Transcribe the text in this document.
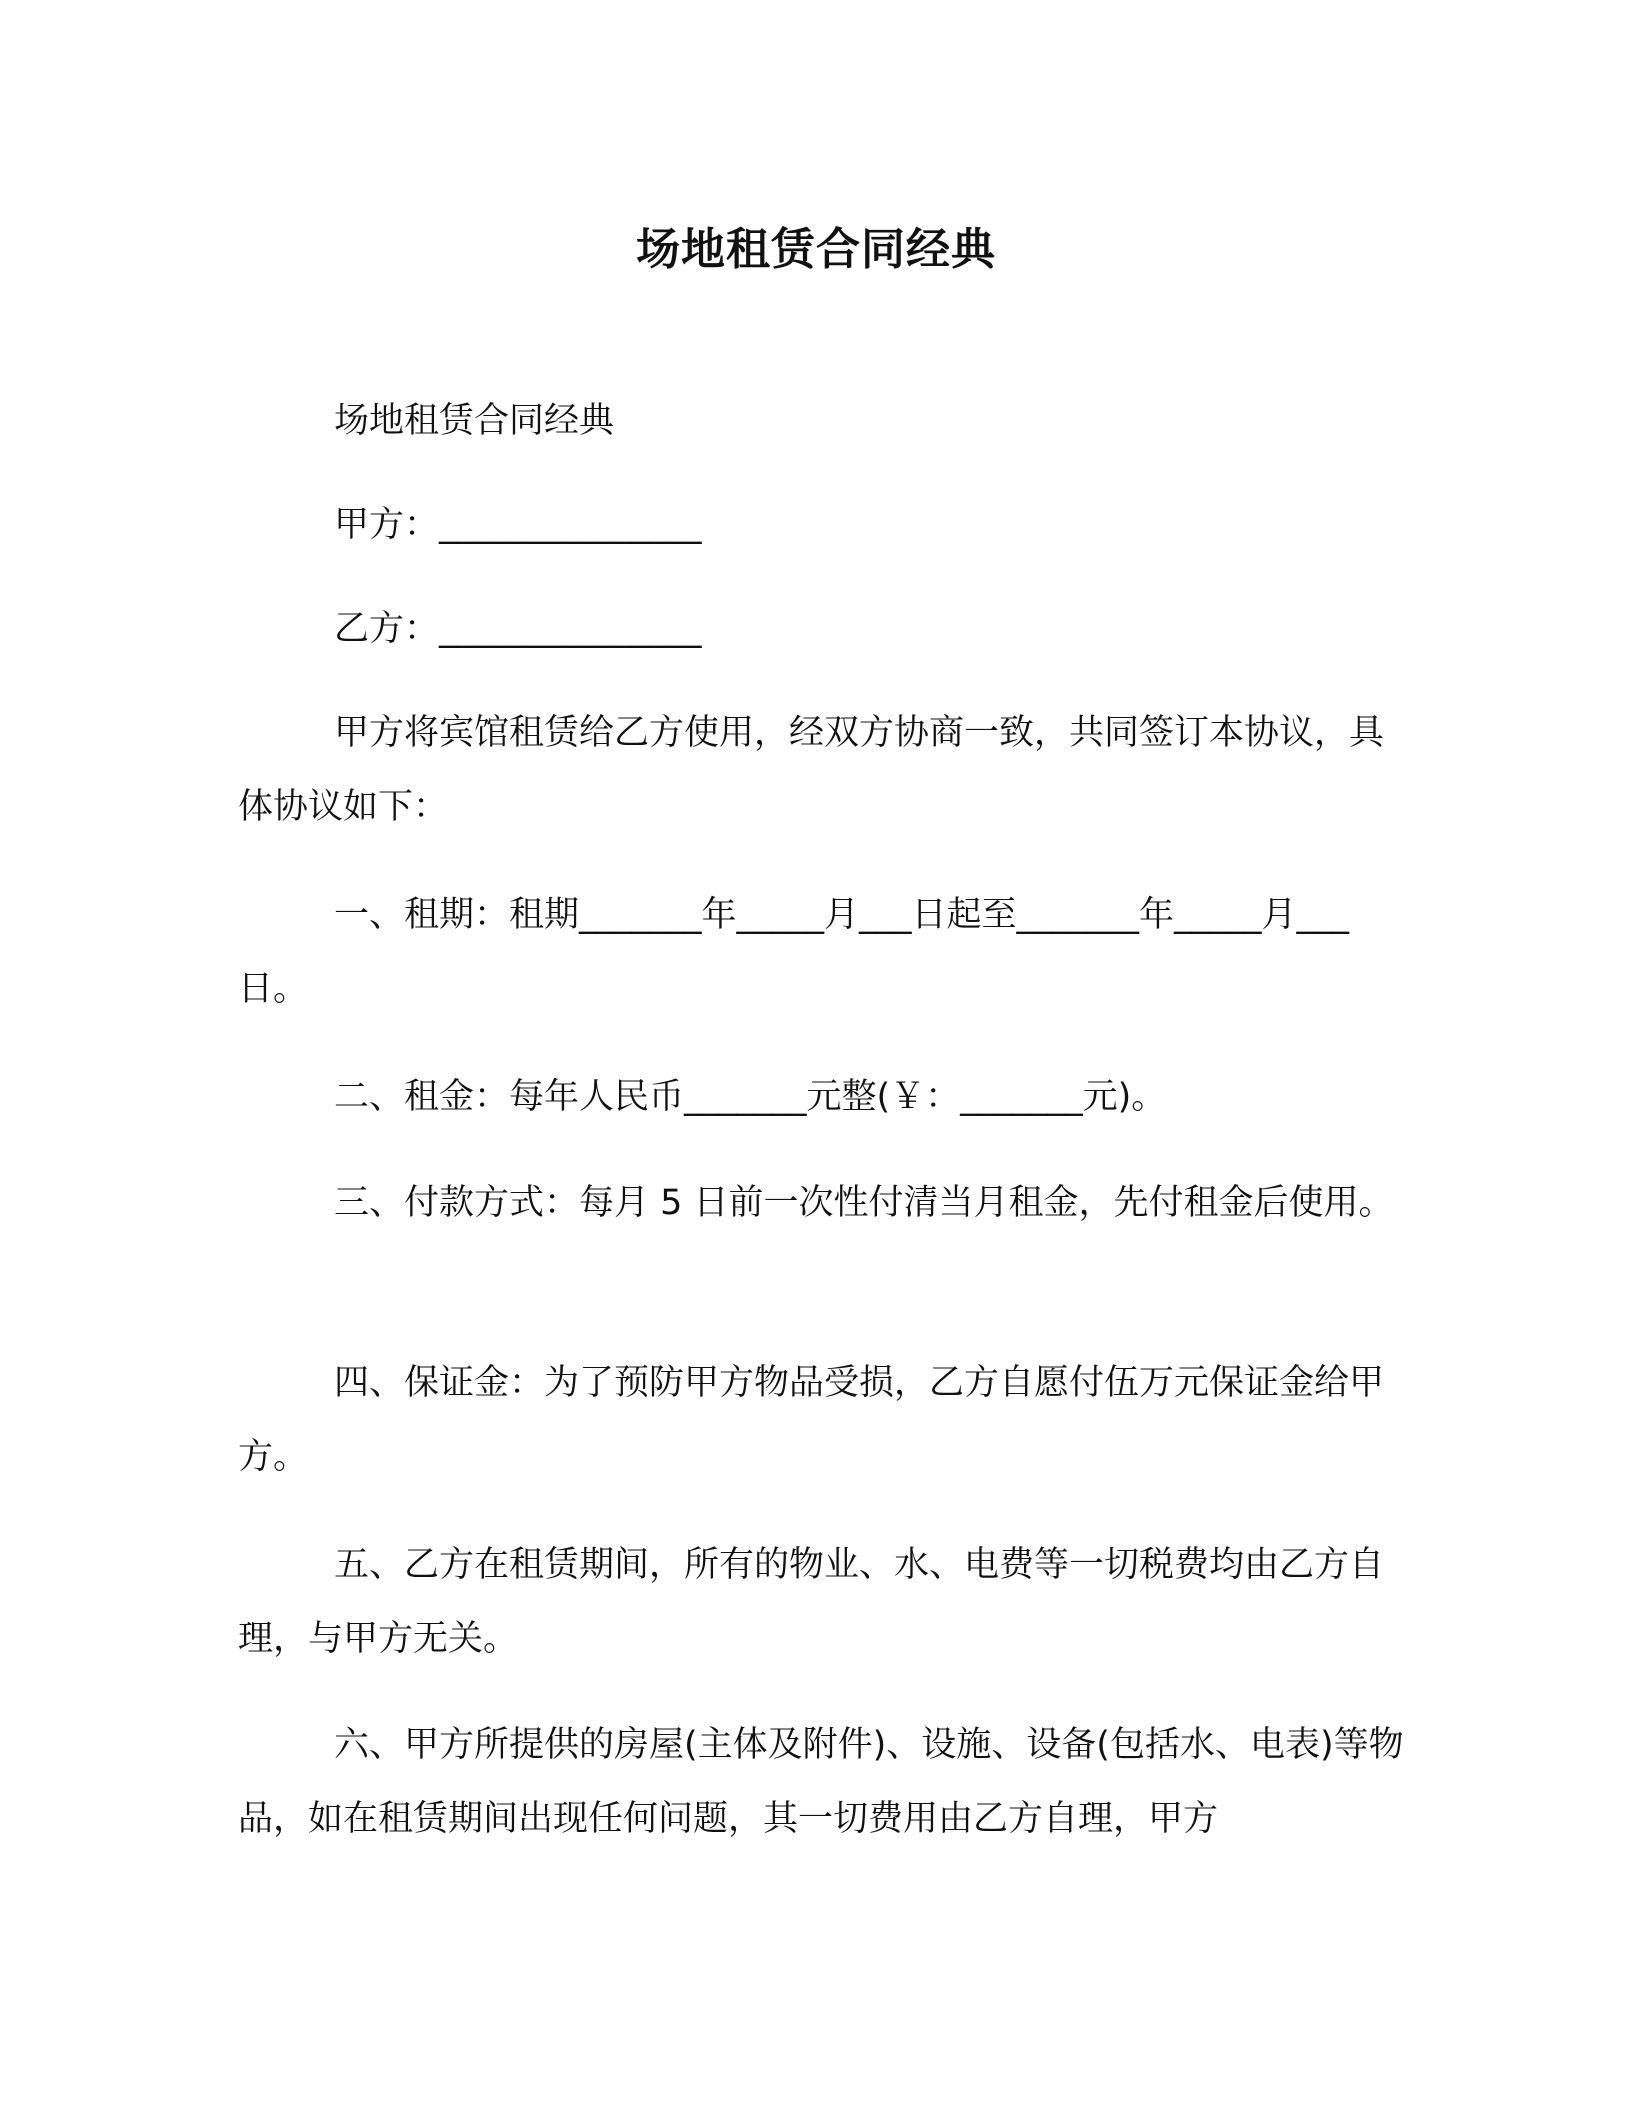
场地租赁合同经典
场地租赁合同经典
甲方：_______________
乙方：_______________
甲方将宾馆租赁给乙方使用，经双方协商一致，共同签订本协议，具体协议如下：
一、租期：租期_______年_____月___日起至_______年_____月___日。
二、租金：每年人民币_______元整(￥：_______元)。
三、付款方式：每月 5 日前一次性付清当月租金，先付租金后使用。
四、保证金：为了预防甲方物品受损，乙方自愿付伍万元保证金给甲方。
五、乙方在租赁期间，所有的物业、水、电费等一切税费均由乙方自理，与甲方无关。
六、甲方所提供的房屋(主体及附件)、设施、设备(包括水、电表)等物品，如在租赁期间出现任何问题，其一切费用由乙方自理，甲方
